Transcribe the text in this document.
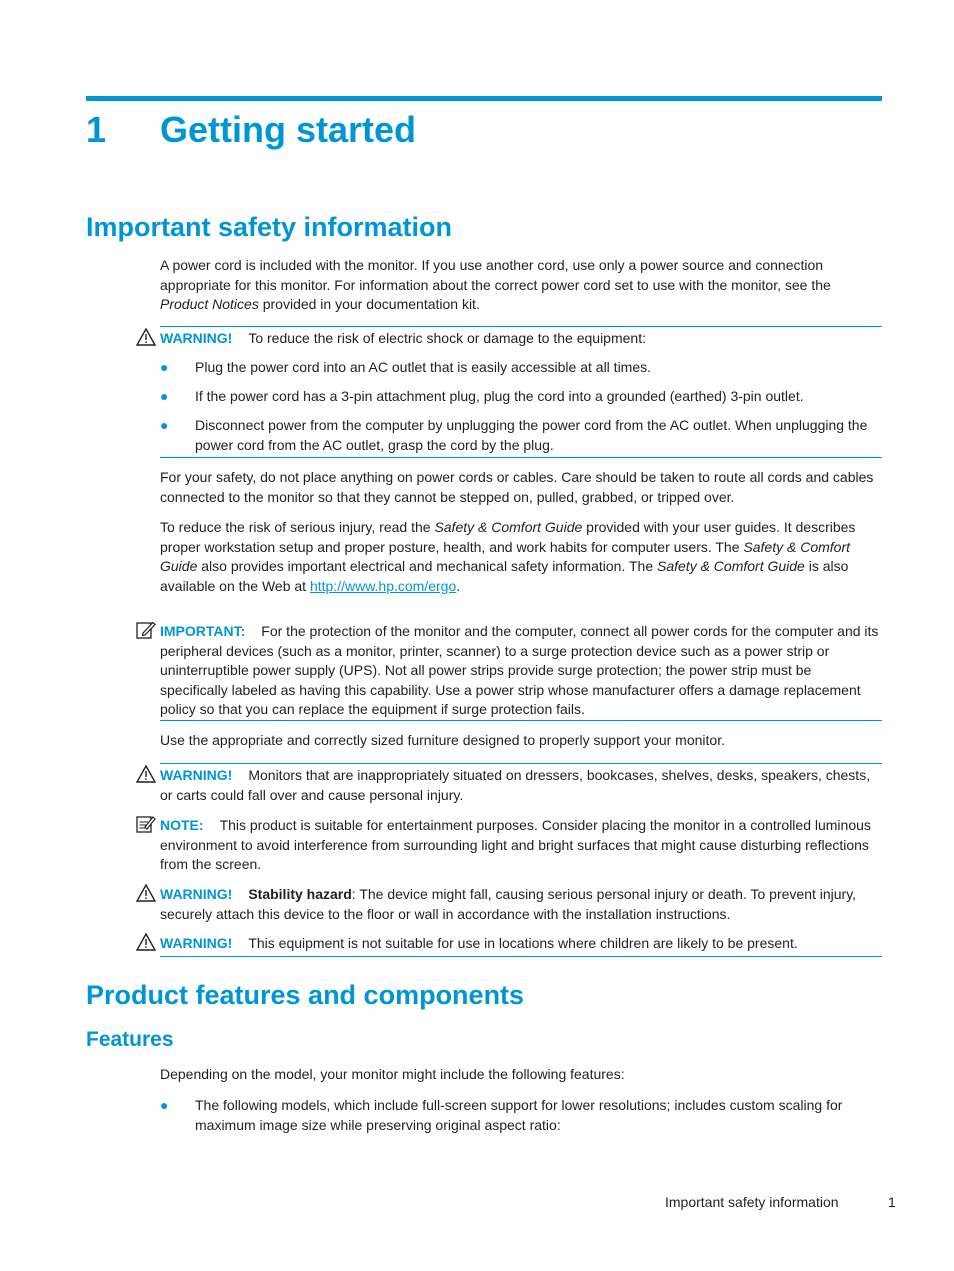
1 Getting started
Important safety information
A power cord is included with the monitor. If you use another cord, use only a power source and connection appropriate for this monitor. For information about the correct power cord set to use with the monitor, see the Product Notices provided in your documentation kit.
WARNING! To reduce the risk of electric shock or damage to the equipment:
● Plug the power cord into an AC outlet that is easily accessible at all times.
● If the power cord has a 3-pin attachment plug, plug the cord into a grounded (earthed) 3-pin outlet.
● Disconnect power from the computer by unplugging the power cord from the AC outlet. When unplugging the power cord from the AC outlet, grasp the cord by the plug.
For your safety, do not place anything on power cords or cables. Care should be taken to route all cords and cables connected to the monitor so that they cannot be stepped on, pulled, grabbed, or tripped over.
To reduce the risk of serious injury, read the Safety & Comfort Guide provided with your user guides. It describes proper workstation setup and proper posture, health, and work habits for computer users. The Safety & Comfort Guide also provides important electrical and mechanical safety information. The Safety & Comfort Guide is also available on the Web at http://www.hp.com/ergo.
IMPORTANT: For the protection of the monitor and the computer, connect all power cords for the computer and its peripheral devices (such as a monitor, printer, scanner) to a surge protection device such as a power strip or uninterruptible power supply (UPS). Not all power strips provide surge protection; the power strip must be specifically labeled as having this capability. Use a power strip whose manufacturer offers a damage replacement policy so that you can replace the equipment if surge protection fails.
Use the appropriate and correctly sized furniture designed to properly support your monitor.
WARNING! Monitors that are inappropriately situated on dressers, bookcases, shelves, desks, speakers, chests, or carts could fall over and cause personal injury.
NOTE: This product is suitable for entertainment purposes. Consider placing the monitor in a controlled luminous environment to avoid interference from surrounding light and bright surfaces that might cause disturbing reflections from the screen.
WARNING! Stability hazard: The device might fall, causing serious personal injury or death. To prevent injury, securely attach this device to the floor or wall in accordance with the installation instructions.
WARNING! This equipment is not suitable for use in locations where children are likely to be present.
Product features and components
Features
Depending on the model, your monitor might include the following features:
● The following models, which include full-screen support for lower resolutions; includes custom scaling for maximum image size while preserving original aspect ratio:
Important safety information	1
